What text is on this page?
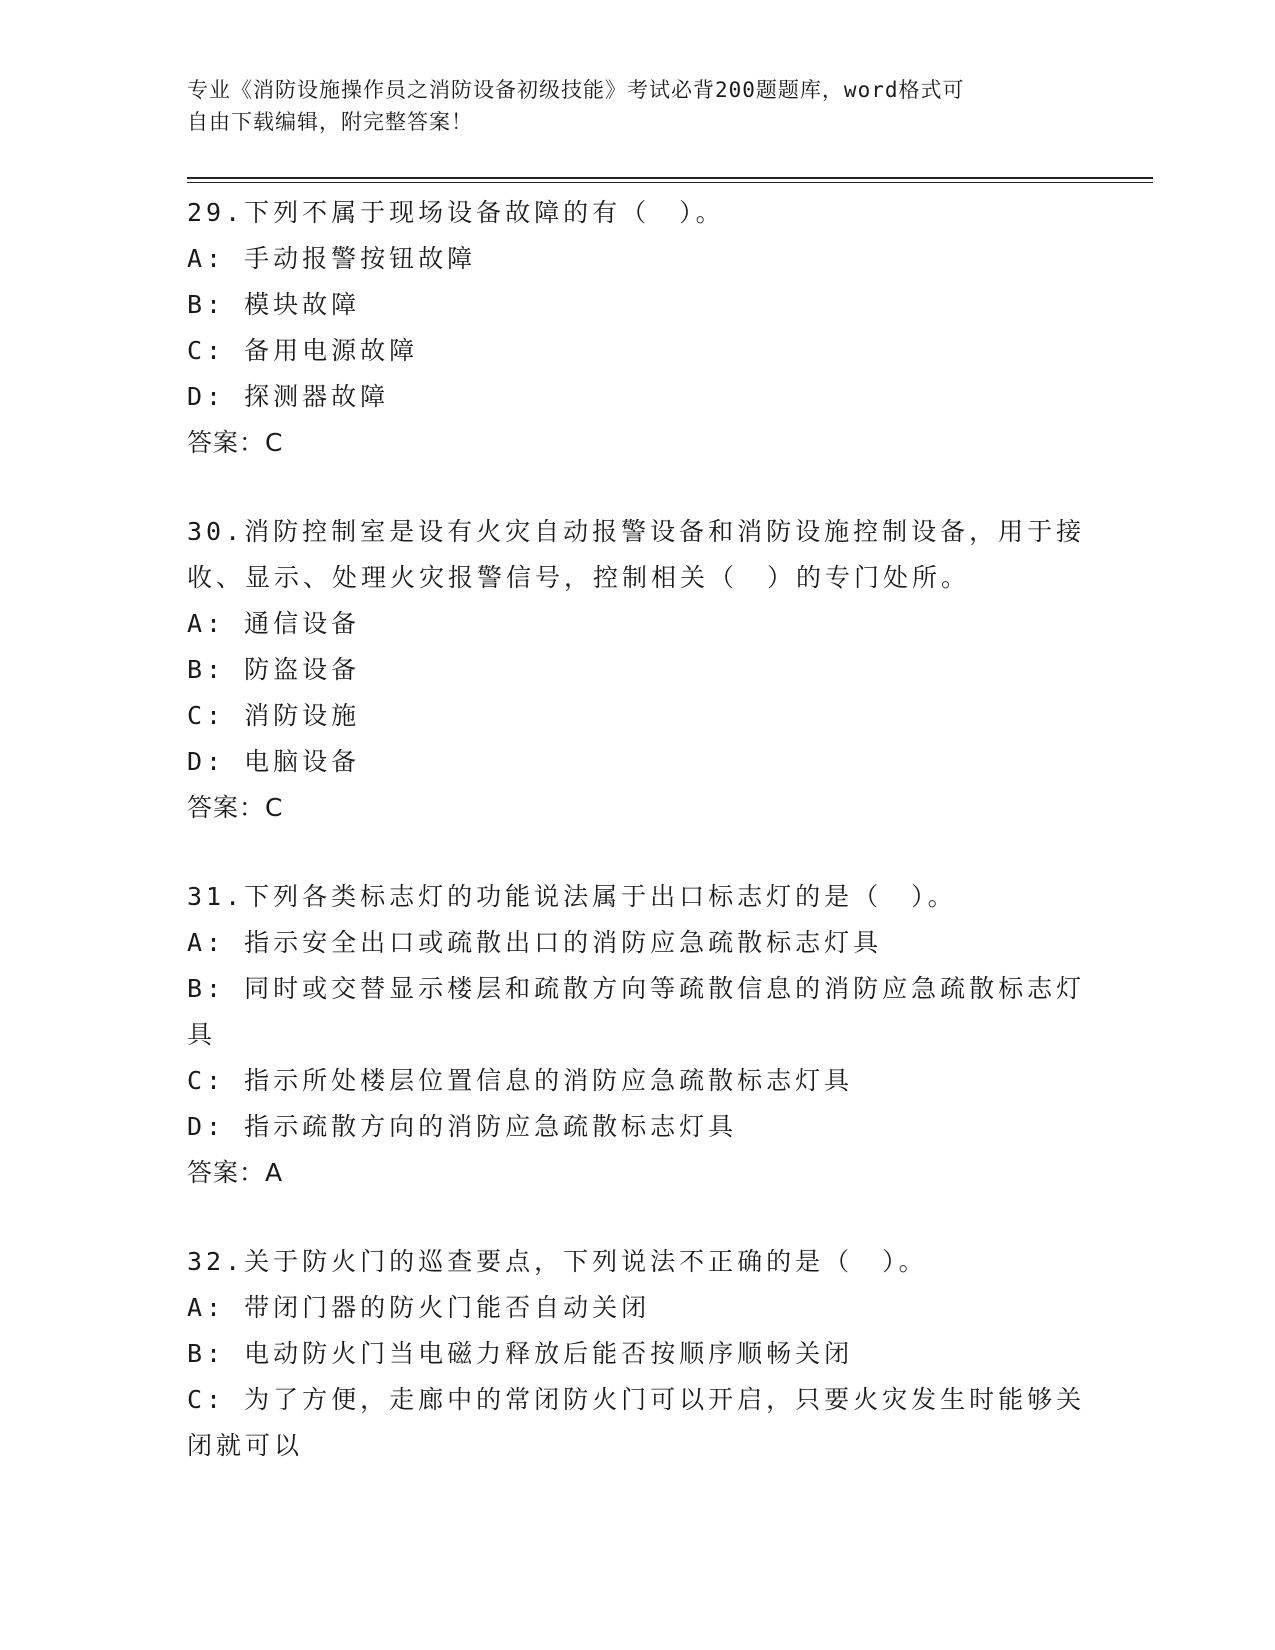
专业《消防设施操作员之消防设备初级技能》考试必背200题题库，word格式可
自由下载编辑，附完整答案！
29.下列不属于现场设备故障的有（　）。
A: 手动报警按钮故障
B: 模块故障
C: 备用电源故障
D: 探测器故障
答案：C
30.消防控制室是设有火灾自动报警设备和消防设施控制设备，用于接收、显示、处理火灾报警信号，控制相关（　）的专门处所。
A: 通信设备
B: 防盗设备
C: 消防设施
D: 电脑设备
答案：C
31.下列各类标志灯的功能说法属于出口标志灯的是（　）。
A: 指示安全出口或疏散出口的消防应急疏散标志灯具
B: 同时或交替显示楼层和疏散方向等疏散信息的消防应急疏散标志灯具
C: 指示所处楼层位置信息的消防应急疏散标志灯具
D: 指示疏散方向的消防应急疏散标志灯具
答案：A
32.关于防火门的巡查要点，下列说法不正确的是（　）。
A: 带闭门器的防火门能否自动关闭
B: 电动防火门当电磁力释放后能否按顺序顺畅关闭
C: 为了方便，走廊中的常闭防火门可以开启，只要火灾发生时能够关闭就可以
